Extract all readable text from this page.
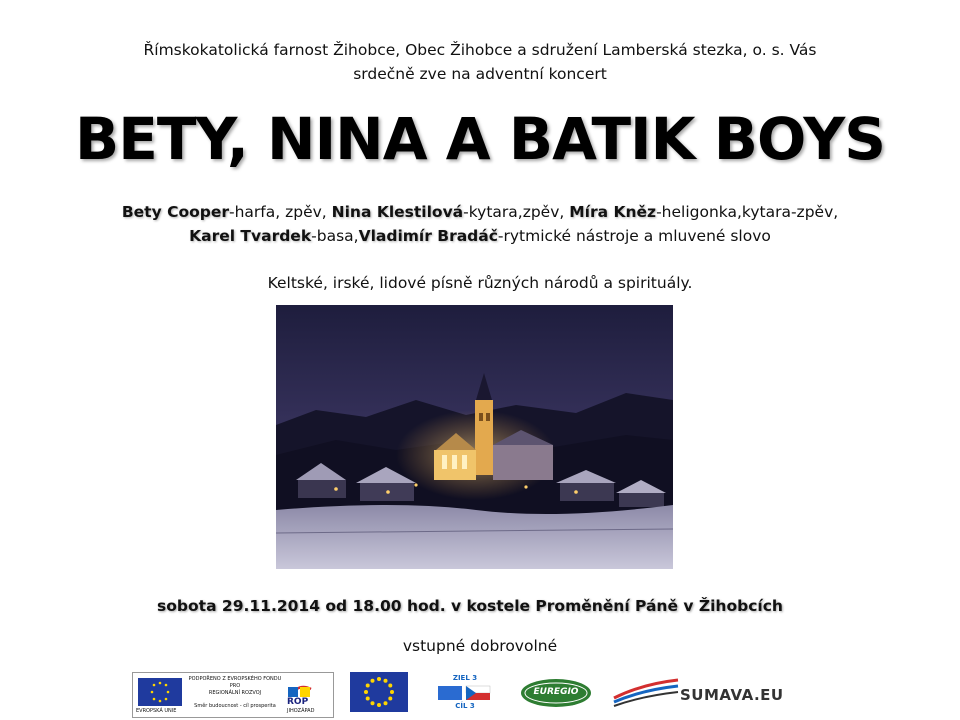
Římskokatolická farnost Žihobce, Obec Žihobce a sdružení Lamberská stezka, o. s. Vás
srdečně zve na adventní koncert
BETY, NINA A BATIK BOYS
Bety Cooper-harfa, zpěv, Nina Klestilová-kytara,zpěv, Míra Kněz-heligonka,kytara-zpěv,
Karel Tvardek-basa,Vladimír Bradáč-rytmické nástroje a mluvené slovo
Keltské, irské, lidové písně různých národů a spirituály.
sobota 29.11.2014 od 18.00 hod. v kostele Proměnění Páně v Žihobcích
vstupné dobrovolné
EVROPSKÁ UNIE
PODPOŘENO Z EVROPSKÉHO FONDU
PRO
REGIONÁLNÍ ROZVOJ
Směr budoucnost - cíl prosperita	ROP
JIHOZÁPAD
ZIEL 3
CÍL 3
EUREGIO	SUMAVA.EU
